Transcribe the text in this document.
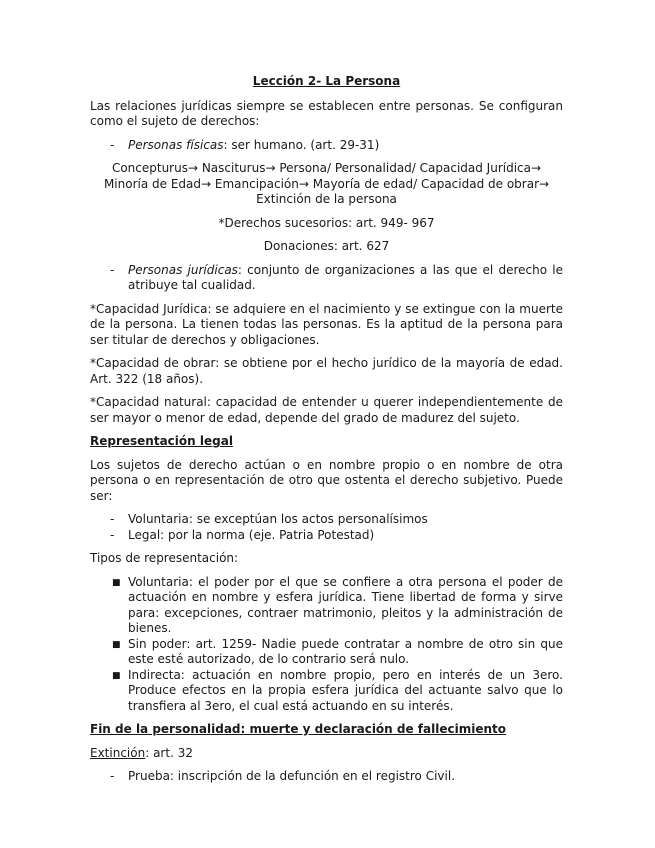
Lección 2- La Persona

Las relaciones jurídicas siempre se establecen entre personas. Se configuran como el sujeto de derechos:

-	Personas físicas: ser humano. (art. 29-31)

Concepturus→ Nasciturus→ Persona/ Personalidad/ Capacidad Jurídica→ Minoría de Edad→ Emancipación→ Mayoría de edad/ Capacidad de obrar→ Extinción de la persona

*Derechos sucesorios: art. 949- 967

Donaciones: art. 627

-	Personas jurídicas: conjunto de organizaciones a las que el derecho le atribuye tal cualidad.

*Capacidad Jurídica: se adquiere en el nacimiento y se extingue con la muerte de la persona. La tienen todas las personas. Es la aptitud de la persona para ser titular de derechos y obligaciones.

*Capacidad de obrar: se obtiene por el hecho jurídico de la mayoría de edad. Art. 322 (18 años).

*Capacidad natural: capacidad de entender u querer independientemente de ser mayor o menor de edad, depende del grado de madurez del sujeto.

Representación legal

Los sujetos de derecho actúan o en nombre propio o en nombre de otra persona o en representación de otro que ostenta el derecho subjetivo. Puede ser:

-	Voluntaria: se exceptúan los actos personalísimos
-	Legal: por la norma (eje. Patria Potestad)

Tipos de representación:

■ Voluntaria: el poder por el que se confiere a otra persona el poder de actuación en nombre y esfera jurídica. Tiene libertad de forma y sirve para: excepciones, contraer matrimonio, pleitos y la administración de bienes.
■ Sin poder: art. 1259- Nadie puede contratar a nombre de otro sin que este esté autorizado, de lo contrario será nulo.
■ Indirecta: actuación en nombre propio, pero en interés de un 3ero. Produce efectos en la propia esfera jurídica del actuante salvo que lo transfiera al 3ero, el cual está actuando en su interés.

Fin de la personalidad: muerte y declaración de fallecimiento

Extinción: art. 32

-	Prueba: inscripción de la defunción en el registro Civil.
